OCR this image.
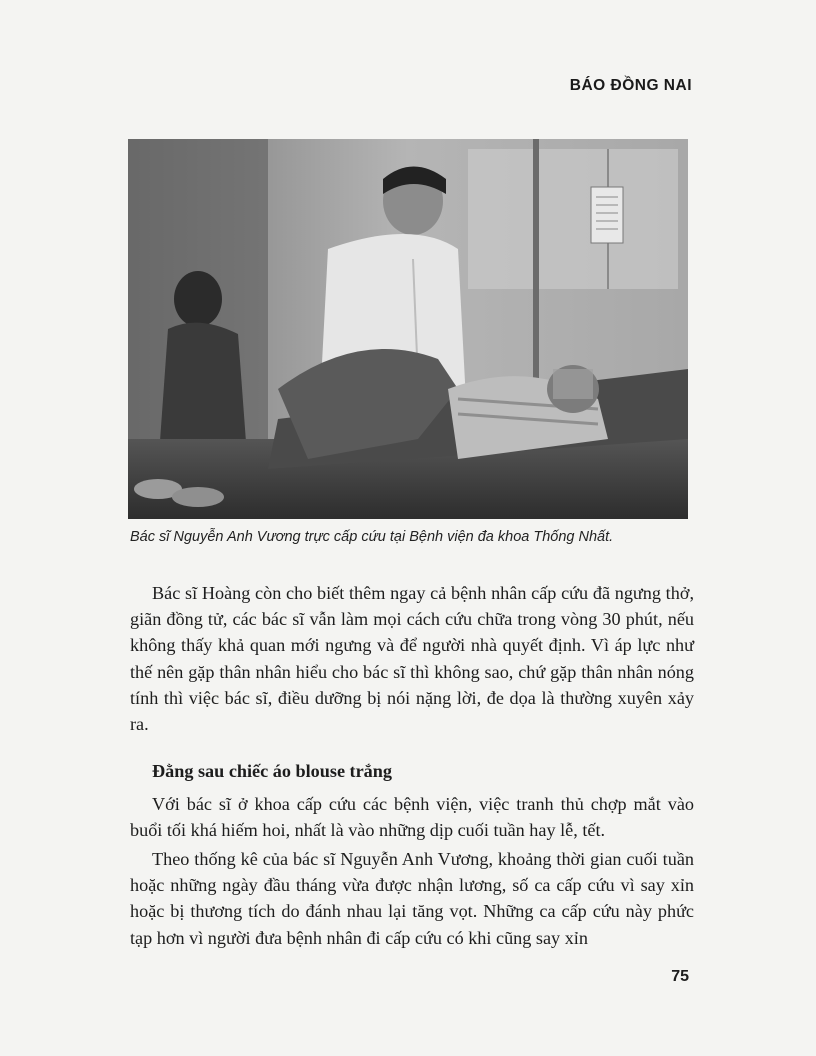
BÁO ĐỒNG NAI
Bác sĩ Nguyễn Anh Vương trực cấp cứu tại Bệnh viện đa khoa Thống Nhất.

Bác sĩ Hoàng còn cho biết thêm ngay cả bệnh nhân cấp cứu đã ngưng thở, giãn đồng tử, các bác sĩ vẫn làm mọi cách cứu chữa trong vòng 30 phút, nếu không thấy khả quan mới ngưng và để người nhà quyết định. Vì áp lực như thế nên gặp thân nhân hiểu cho bác sĩ thì không sao, chứ gặp thân nhân nóng tính thì việc bác sĩ, điều dưỡng bị nói nặng lời, đe dọa là thường xuyên xảy ra.

Đằng sau chiếc áo blouse trắng

Với bác sĩ ở khoa cấp cứu các bệnh viện, việc tranh thủ chợp mắt vào buổi tối khá hiếm hoi, nhất là vào những dịp cuối tuần hay lễ, tết.

Theo thống kê của bác sĩ Nguyễn Anh Vương, khoảng thời gian cuối tuần hoặc những ngày đầu tháng vừa được nhận lương, số ca cấp cứu vì say xỉn hoặc bị thương tích do đánh nhau lại tăng vọt. Những ca cấp cứu này phức tạp hơn vì người đưa bệnh nhân đi cấp cứu có khi cũng say xỉn

75
